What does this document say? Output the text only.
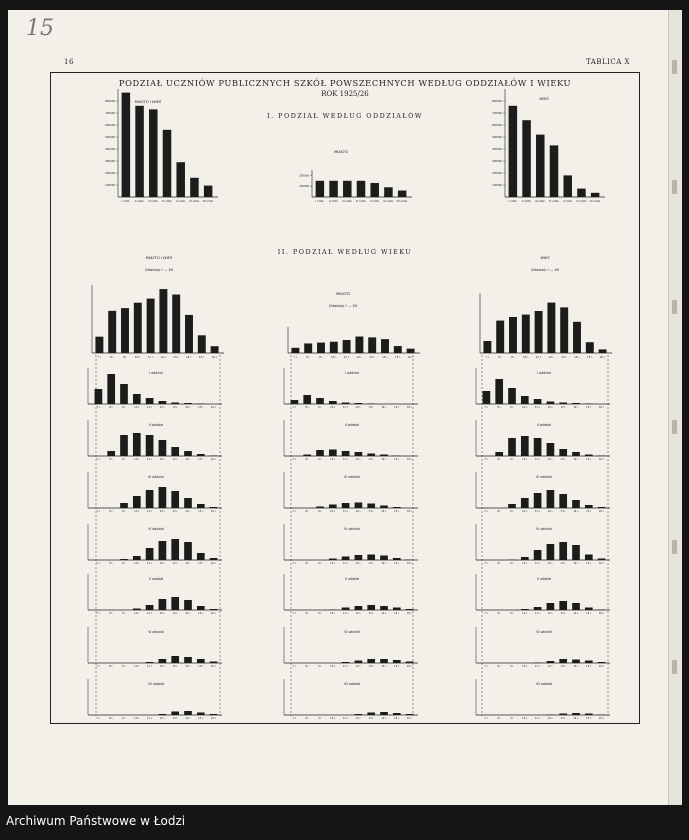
15
16	TABLICA X
PODZIAŁ UCZNIÓW PUBLICZNYCH SZKÓŁ POWSZECHNYCH WEDŁUG ODDZIAŁÓW I WIEKU
ROK 1925/26
I. PODZIAŁ WEDŁUG ODDZIAŁÓW
II. PODZIAŁ WEDŁUG WIEKU
MIASTO I WIEŚ
MIASTO
WIEŚ
MIASTO I WIEŚ
Oddziały I — VII
MIASTO
Oddziały I — VII
WIEŚ
Oddziały I — VII
800000
700000
600000
500000
400000
300000
200000
100000
I oddz. II oddz. III oddz. IV oddz. V oddz. VI oddz. VII oddz.
200000
100000
I oddz. II oddz. III oddz. IV oddz. V oddz. VI oddz. VII oddz.
800000
700000
600000
500000
400000
300000
200000
100000
I oddz. II oddz. III oddz. IV oddz. V oddz. VI oddz. VII oddz.
7 l.	8 l.	9 l.	10 l.	11 l.	12 l.	13 l.	14 l.	15 l.	16 l.	7 l.	8 l.	9 l.	10 l.	11 l.	12 l.	13 l.	14 l.	15 l.	16 l.	7 l.	8 l.	9 l.	10 l.	11 l.	12 l.	13 l.	14 l.	15 l.	16 l.
I oddział
7 l.	8 l.	9 l.	10 l.	11 l.	12 l.	13 l.	14 l.	15 l.	16 l.
II oddział
7 l.	8 l.	9 l.	10 l.	11 l.	12 l.	13 l.	14 l.	15 l.	16 l.
III oddział
7 l.	8 l.	9 l.	10 l.	11 l.	12 l.	13 l.	14 l.	15 l.	16 l.
IV oddział
7 l.	8 l.	9 l.	10 l.	11 l.	12 l.	13 l.	14 l.	15 l.	16 l.
V oddział
7 l.	8 l.	9 l.	10 l.	11 l.	12 l.	13 l.	14 l.	15 l.	16 l.
VI oddział
7 l.	8 l.	9 l.	10 l.	11 l.	12 l.	13 l.	14 l.	15 l.	16 l.
VII oddział
7 l.	8 l.	9 l.	10 l.	11 l.	12 l.	13 l.	14 l.	15 l.	16 l.
I oddział
7 l.	8 l.	9 l.	10 l.	11 l.	12 l.	13 l.	14 l.	15 l.	16 l.
II oddział
7 l.	8 l.	9 l.	10 l.	11 l.	12 l.	13 l.	14 l.	15 l.	16 l.
III oddział
7 l.	8 l.	9 l.	10 l.	11 l.	12 l.	13 l.	14 l.	15 l.	16 l.
IV oddział
7 l.	8 l.	9 l.	10 l.	11 l.	12 l.	13 l.	14 l.	15 l.	16 l.
V oddział
7 l.	8 l.	9 l.	10 l.	11 l.	12 l.	13 l.	14 l.	15 l.	16 l.
VI oddział
7 l.	8 l.	9 l.	10 l.	11 l.	12 l.	13 l.	14 l.	15 l.	16 l.
VII oddział
7 l.	8 l.	9 l.	10 l.	11 l.	12 l.	13 l.	14 l.	15 l.	16 l.
I oddział
7 l.	8 l.	9 l.	10 l.	11 l.	12 l.	13 l.	14 l.	15 l.	16 l.
II oddział
7 l.	8 l.	9 l.	10 l.	11 l.	12 l.	13 l.	14 l.	15 l.	16 l.
III oddział
7 l.	8 l.	9 l.	10 l.	11 l.	12 l.	13 l.	14 l.	15 l.	16 l.
IV oddział
7 l.	8 l.	9 l.	10 l.	11 l.	12 l.	13 l.	14 l.	15 l.	16 l.
V oddział
7 l.	8 l.	9 l.	10 l.	11 l.	12 l.	13 l.	14 l.	15 l.	16 l.
VI oddział
7 l.	8 l.	9 l.	10 l.	11 l.	12 l.	13 l.	14 l.	15 l.	16 l.
VII oddział
7 l.	8 l.	9 l.	10 l.	11 l.	12 l.	13 l.	14 l.	15 l.	16 l.
Archiwum Państwowe w Łodzi
